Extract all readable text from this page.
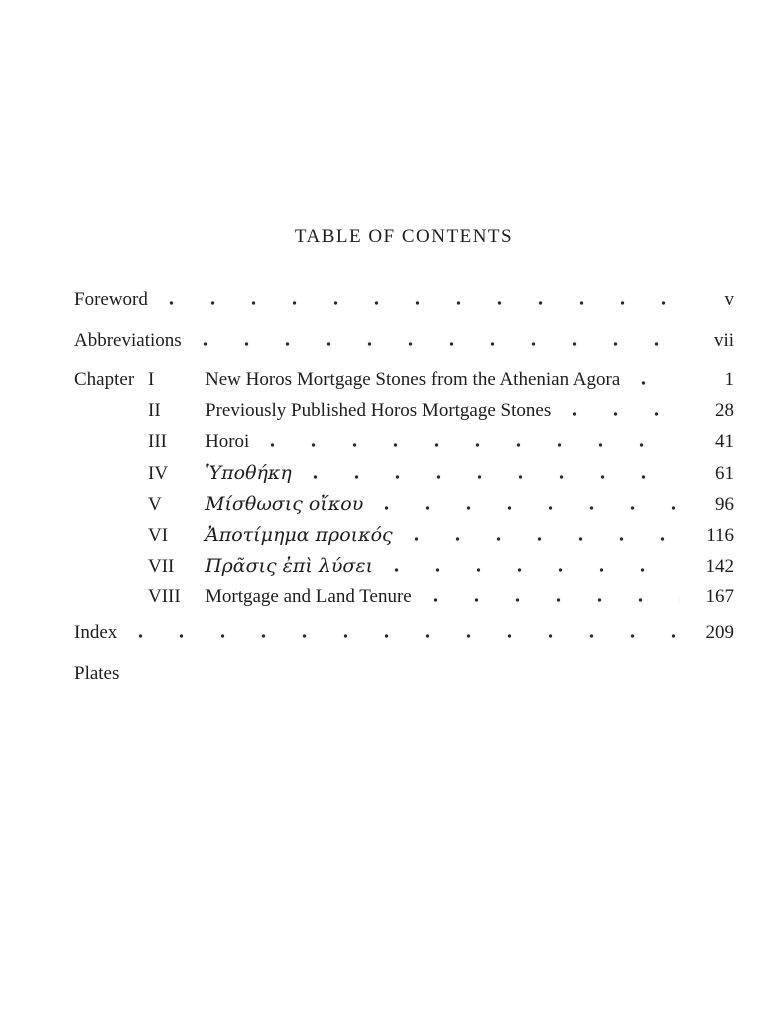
TABLE OF CONTENTS
Foreword	v
Abbreviations	vii
Chapter I	New Horos Mortgage Stones from the Athenian Agora	1
II	Previously Published Horos Mortgage Stones	28
III	Horoi	41
IV	Ὑποθήκη	61
V	Μίσθωσις οἴκου	96
VI	Ἀποτίμημα προικός	116
VII	Πρᾶσις ἐπὶ λύσει	142
VIII	Mortgage and Land Tenure	167
Index	209
Plates
